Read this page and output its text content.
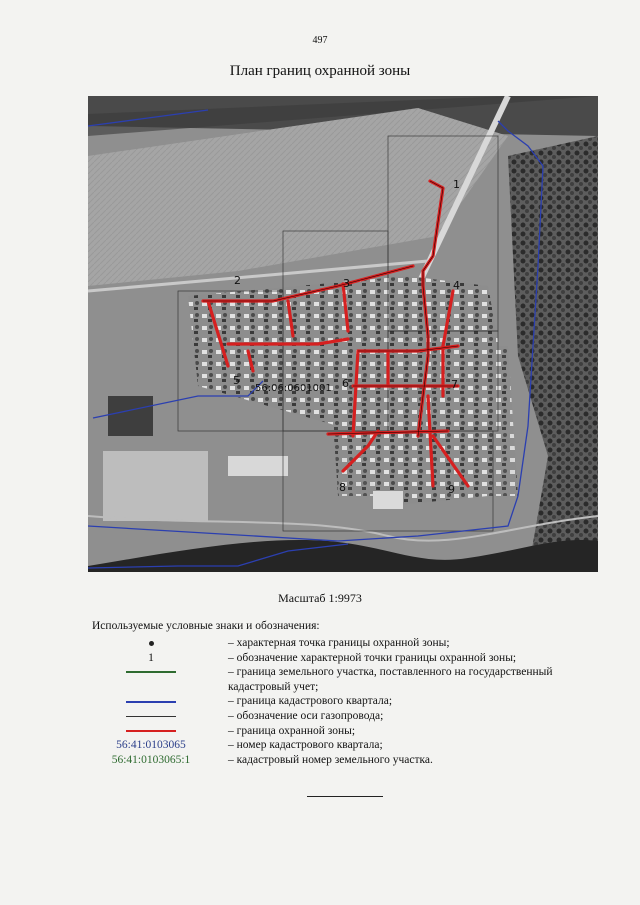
497
План границ охранной зоны
1
2	3	4
5	6	7
8	9
56:06:0601001
Масштаб 1:9973
Используемые условные знаки и обозначения:
– характерная точка границы охранной зоны;
1	– обозначение характерной точки границы охранной зоны;
– граница земельного участка, поставленного на государственный кадастровый учет;
– граница кадастрового квартала;
– обозначение оси газопровода;
– граница охранной зоны;
56:41:0103065	– номер кадастрового квартала;
56:41:0103065:1	– кадастровый номер земельного участка.
